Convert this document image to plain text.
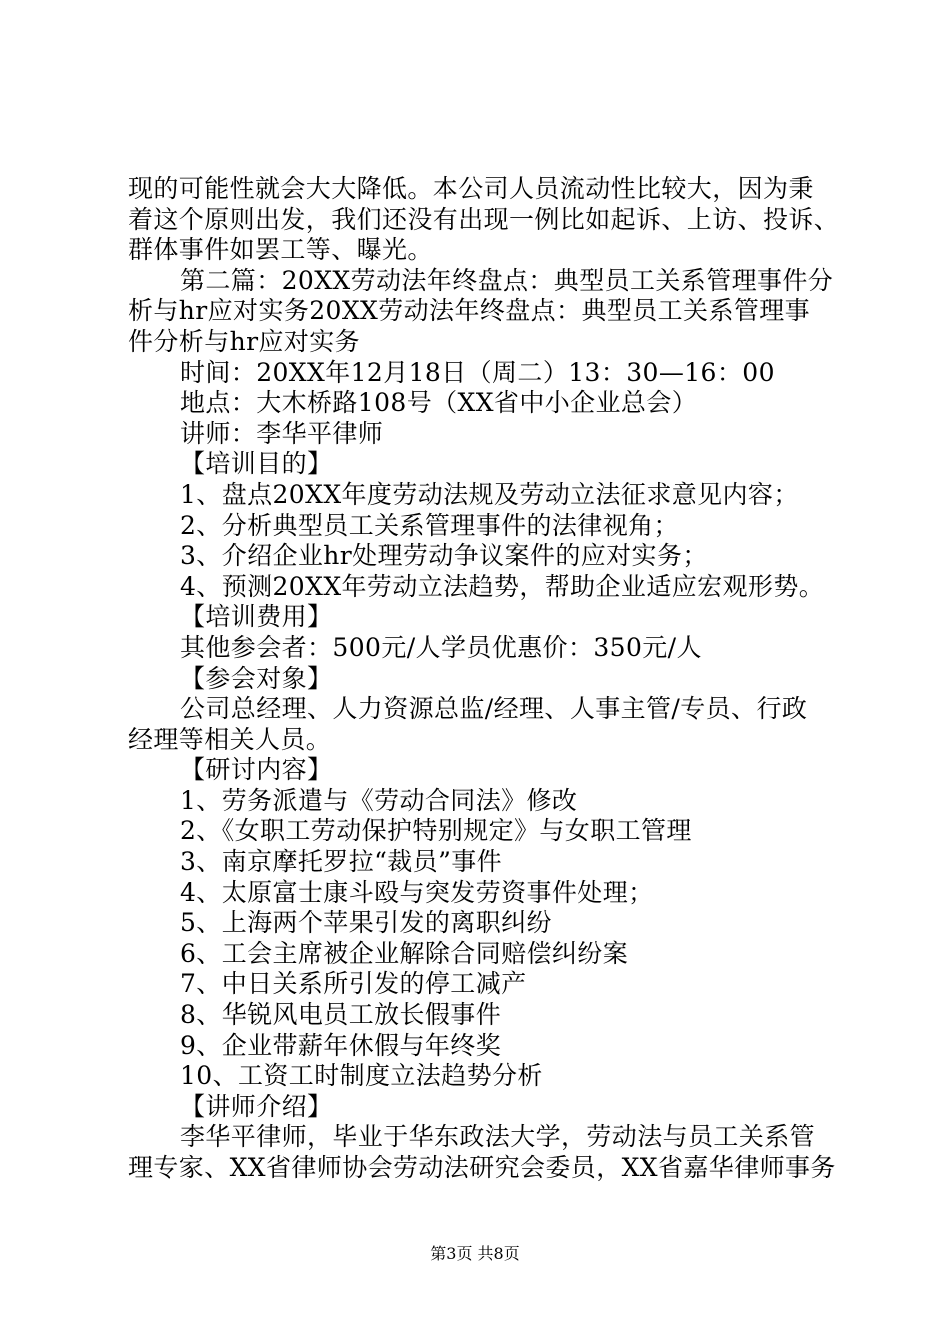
现的可能性就会大大降低。本公司人员流动性比较大，因为秉
着这个原则出发，我们还没有出现一例比如起诉、上访、投诉、
群体事件如罢工等、曝光。
第二篇：20XX劳动法年终盘点：典型员工关系管理事件分
析与hr应对实务20XX劳动法年终盘点：典型员工关系管理事
件分析与hr应对实务
时间：20XX年12月18日（周二）13：30—16：00
地点：大木桥路108号（XX省中小企业总会）
讲师：李华平律师
【培训目的】
1、盘点20XX年度劳动法规及劳动立法征求意见内容；
2、分析典型员工关系管理事件的法律视角；
3、介绍企业hr处理劳动争议案件的应对实务；
4、预测20XX年劳动立法趋势，帮助企业适应宏观形势。
【培训费用】
其他参会者：500元/人学员优惠价：350元/人
【参会对象】
公司总经理、人力资源总监/经理、人事主管/专员、行政
经理等相关人员。
【研讨内容】
1、劳务派遣与《劳动合同法》修改
2、《女职工劳动保护特别规定》与女职工管理
3、南京摩托罗拉“裁员”事件
4、太原富士康斗殴与突发劳资事件处理；
5、上海两个苹果引发的离职纠纷
6、工会主席被企业解除合同赔偿纠纷案
7、中日关系所引发的停工减产
8、华锐风电员工放长假事件
9、企业带薪年休假与年终奖
10、工资工时制度立法趋势分析
【讲师介绍】
李华平律师，毕业于华东政法大学，劳动法与员工关系管
理专家、XX省律师协会劳动法研究会委员，XX省嘉华律师事务
第3页 共8页
